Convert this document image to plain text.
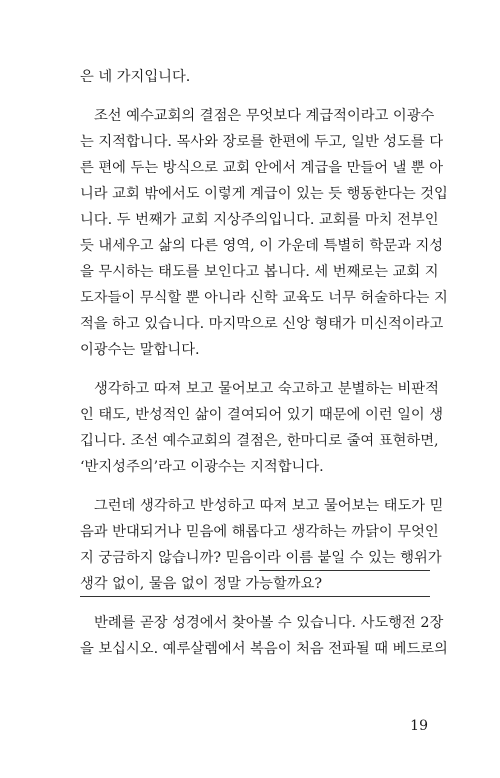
은 네 가지입니다.
조선 예수교회의 결점은 무엇보다 계급적이라고 이광수
는 지적합니다. 목사와 장로를 한편에 두고, 일반 성도를 다
른 편에 두는 방식으로 교회 안에서 계급을 만들어 낼 뿐 아
니라 교회 밖에서도 이렇게 계급이 있는 듯 행동한다는 것입
니다. 두 번째가 교회 지상주의입니다. 교회를 마치 전부인
듯 내세우고 삶의 다른 영역, 이 가운데 특별히 학문과 지성
을 무시하는 태도를 보인다고 봅니다. 세 번째로는 교회 지
도자들이 무식할 뿐 아니라 신학 교육도 너무 허술하다는 지
적을 하고 있습니다. 마지막으로 신앙 형태가 미신적이라고
이광수는 말합니다.
생각하고 따져 보고 물어보고 숙고하고 분별하는 비판적
인 태도, 반성적인 삶이 결여되어 있기 때문에 이런 일이 생
깁니다. 조선 예수교회의 결점은, 한마디로 줄여 표현하면,
‘반지성주의’라고 이광수는 지적합니다.
그런데 생각하고 반성하고 따져 보고 물어보는 태도가 믿
음과 반대되거나 믿음에 해롭다고 생각하는 까닭이 무엇인
지 궁금하지 않습니까? 믿음이라 이름 붙일 수 있는 행위가
생각 없이, 물음 없이 정말 가능할까요?
반례를 곧장 성경에서 찾아볼 수 있습니다. 사도행전 2장
을 보십시오. 예루살렘에서 복음이 처음 전파될 때 베드로의
19
